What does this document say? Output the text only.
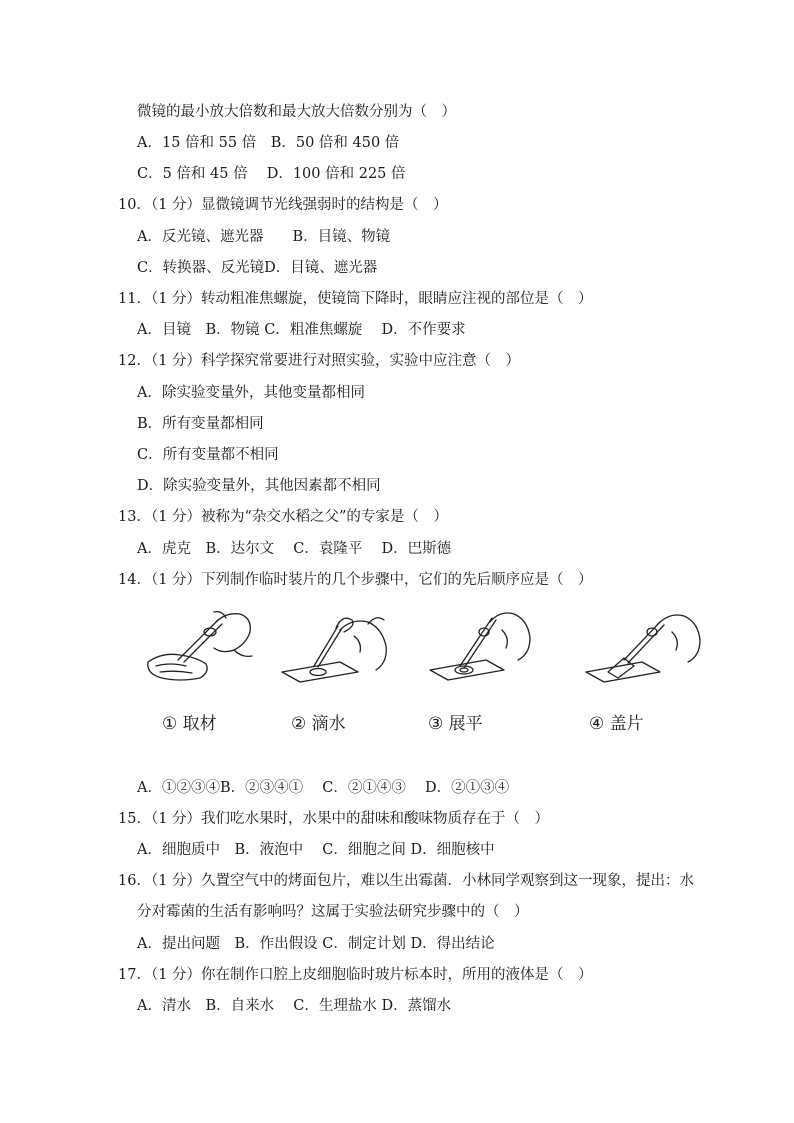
微镜的最小放大倍数和最大放大倍数分别为（　）
A．15 倍和 55 倍　B．50 倍和 450 倍
C．5 倍和 45 倍　 D．100 倍和 225 倍
10．（1 分）显微镜调节光线强弱时的结构是（　）
A．反光镜、遮光器　　B．目镜、物镜
C．转换器、反光镜D．目镜、遮光器
11．（1 分）转动粗准焦螺旋，使镜筒下降时，眼睛应注视的部位是（　）
A．目镜　B．物镜 C．粗准焦螺旋　 D．不作要求
12．（1 分）科学探究常要进行对照实验，实验中应注意（　）
A．除实验变量外，其他变量都相同
B．所有变量都相同
C．所有变量都不相同
D．除实验变量外，其他因素都不相同
13．（1 分）被称为“杂交水稻之父”的专家是（　）
A．虎克　B．达尔文　 C．袁隆平　 D．巴斯德
14．（1 分）下列制作临时装片的几个步骤中，它们的先后顺序应是（　）
① 取材	② 滴水	③ 展平	④ 盖片
A．①②③④B．②③④①　 C．②①④③　 D．②①③④
15．（1 分）我们吃水果时，水果中的甜味和酸味物质存在于（　）
A．细胞质中　B．液泡中　 C．细胞之间 D．细胞核中
16．（1 分）久置空气中的烤面包片，难以生出霉菌．小林同学观察到这一现象，提出：水
分对霉菌的生活有影响吗？这属于实验法研究步骤中的（　）
A．提出问题　B．作出假设 C．制定计划 D．得出结论
17．（1 分）你在制作口腔上皮细胞临时玻片标本时，所用的液体是（　）
A．清水　B．自来水　 C．生理盐水 D．蒸馏水
